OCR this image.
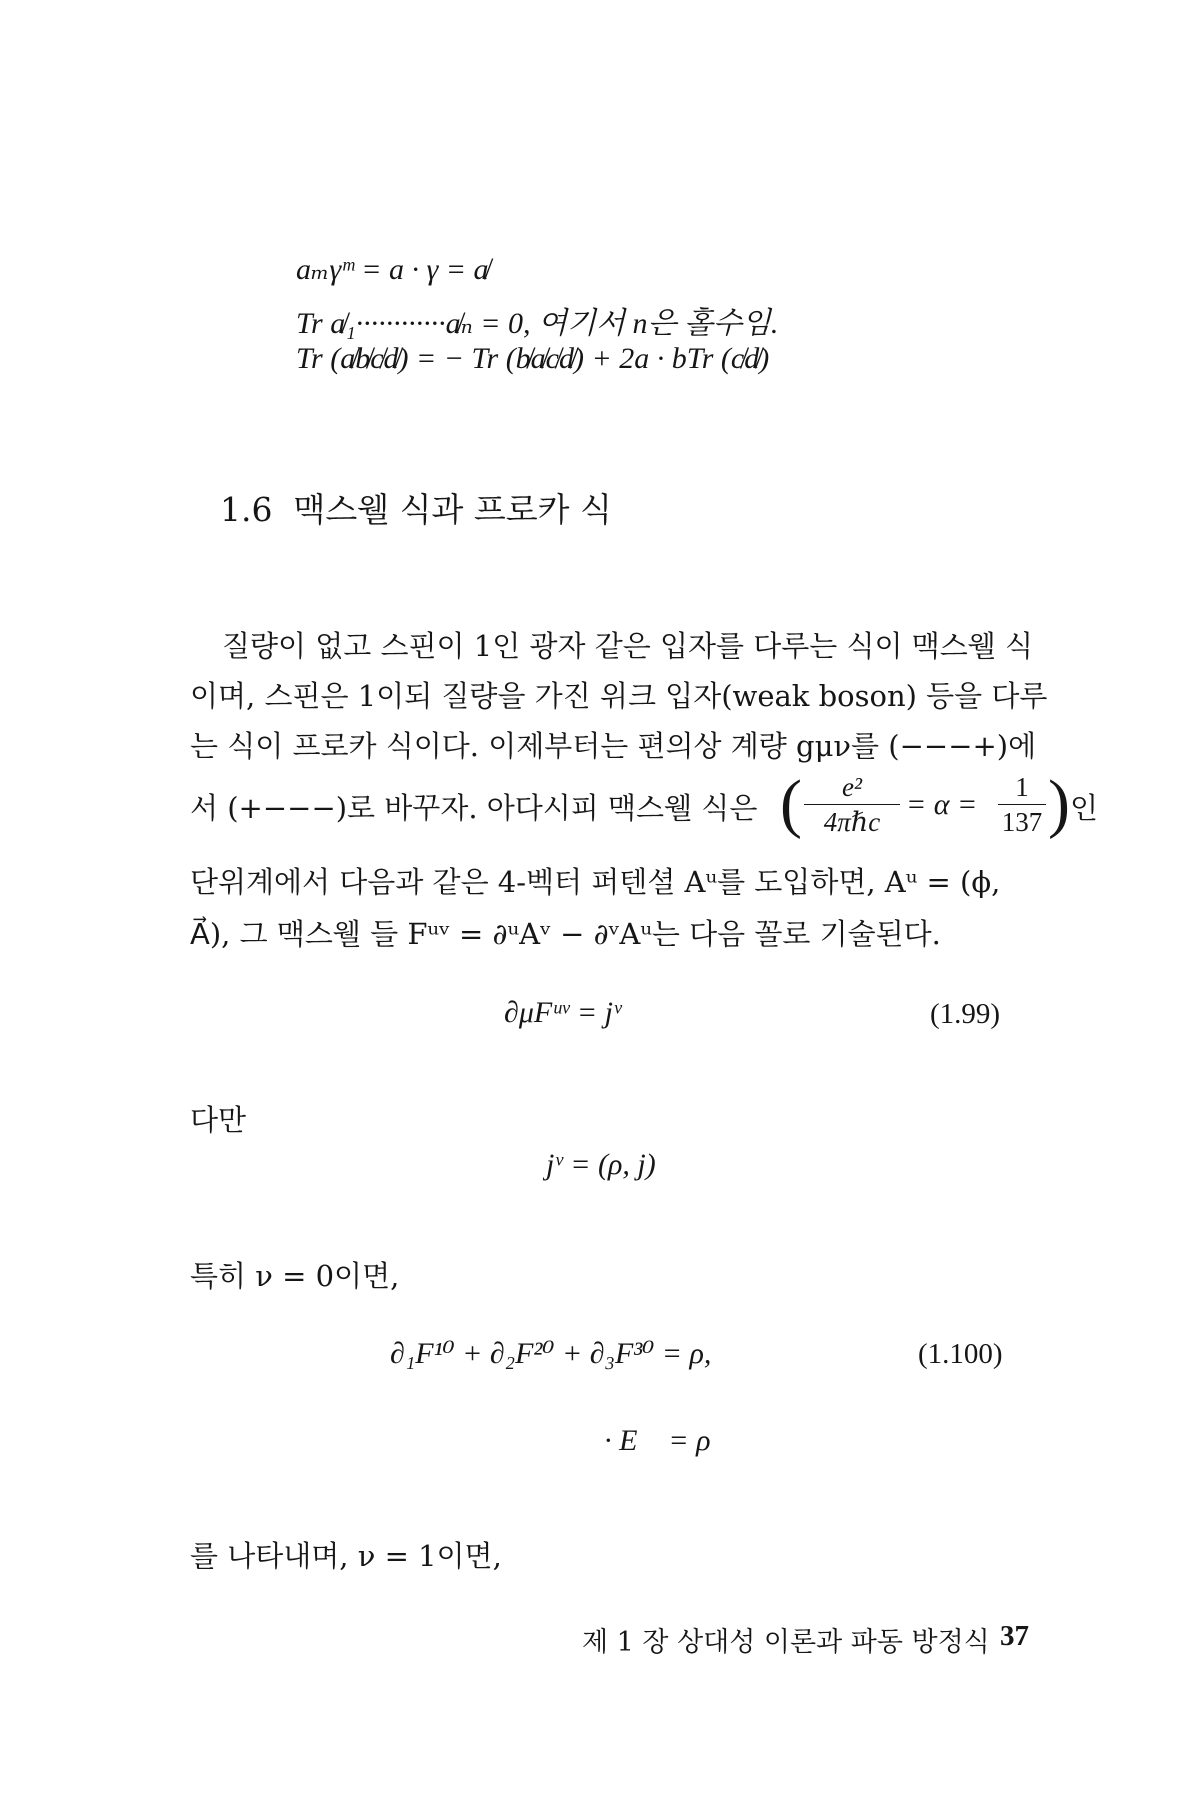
aₘγᵐ = a · γ = a̸
Tr a̸₁············a̸ₙ = 0, 여기서 n은 홀수임.
Tr (a̸b̸c̸d̸) = − Tr (b̸a̸c̸d̸) + 2a · bTr (c̸d̸)
1.6 맥스웰 식과 프로카 식
질량이 없고 스핀이 1인 광자 같은 입자를 다루는 식이 맥스웰 식
이며, 스핀은 1이되 질량을 가진 위크 입자(weak boson) 등을 다루
는 식이 프로카 식이다. 이제부터는 편의상 계량 gμν를 (−−−+)에
서 (+−−−)로 바꾸자. 아다시피 맥스웰 식은 (	e²
4πℏc
= α =
1
137 ) 인
단위계에서 다음과 같은 4-벡터 퍼텐셜 Aᵘ를 도입하면, Aᵘ = (ϕ,
A⃗), 그 맥스웰 들 Fᵘᵛ = ∂ᵘAᵛ − ∂ᵛAᵘ는 다음 꼴로 기술된다.
∂μFᵘᵛ = jᵛ	(1.99)
다만
jᵛ = (ρ, j)
특히 ν = 0이면,
∂₁F¹⁰ + ∂₂F²⁰ + ∂₃F³⁰ = ρ,	(1.100)
∇⃗ · E⃗ = ρ
를 나타내며, ν = 1이면,
제 1 장 상대성 이론과 파동 방정식 37
